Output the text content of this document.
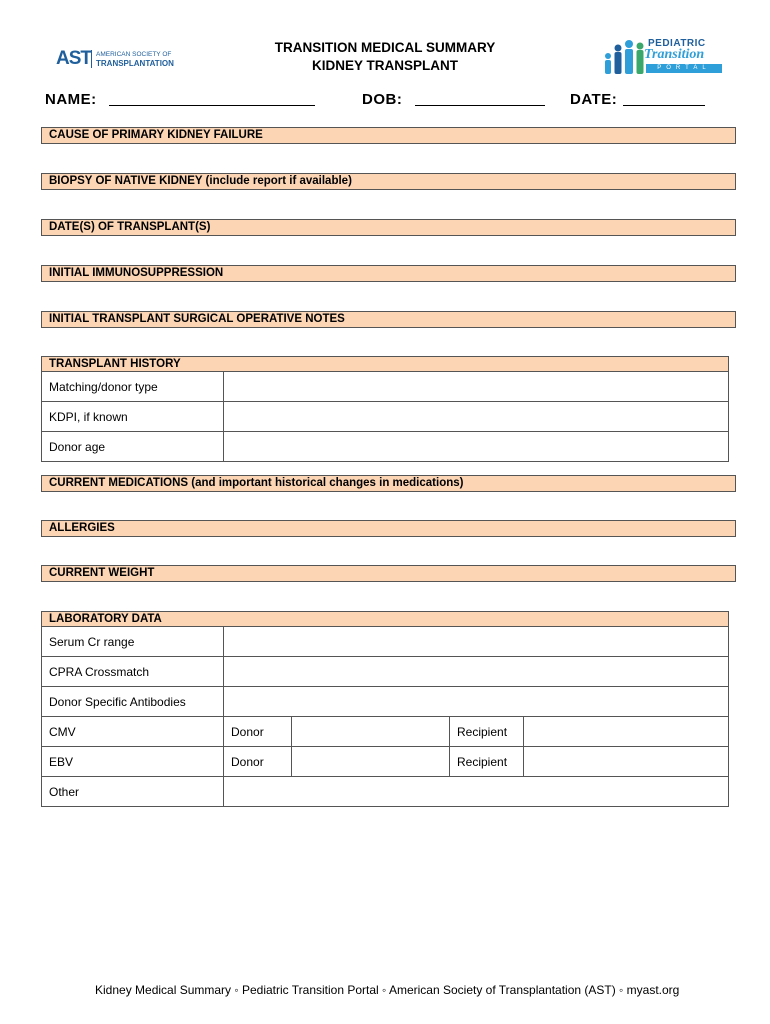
AST AMERICAN SOCIETY OF
TRANSPLANTATION
TRANSITION MEDICAL SUMMARY
KIDNEY TRANSPLANT
PEDIATRIC
Transition
PORTAL
NAME:	DOB:	DATE:
CAUSE OF PRIMARY KIDNEY FAILURE
BIOPSY OF NATIVE KIDNEY (include report if available)
DATE(S) OF TRANSPLANT(S)
INITIAL IMMUNOSUPPRESSION
INITIAL TRANSPLANT SURGICAL OPERATIVE NOTES
TRANSPLANT HISTORY	
Matching/donor type	
KDPI, if known	
Donor age	
CURRENT MEDICATIONS (and important historical changes in medications)
ALLERGIES
CURRENT WEIGHT
LABORATORY DATA				
Serum Cr range				
CPRA Crossmatch				
Donor Specific Antibodies				
CMV	Donor		Recipient	
EBV	Donor		Recipient	
Other				
Kidney Medical Summary ◦ Pediatric Transition Portal ◦ American Society of Transplantation (AST) ◦ myast.org
